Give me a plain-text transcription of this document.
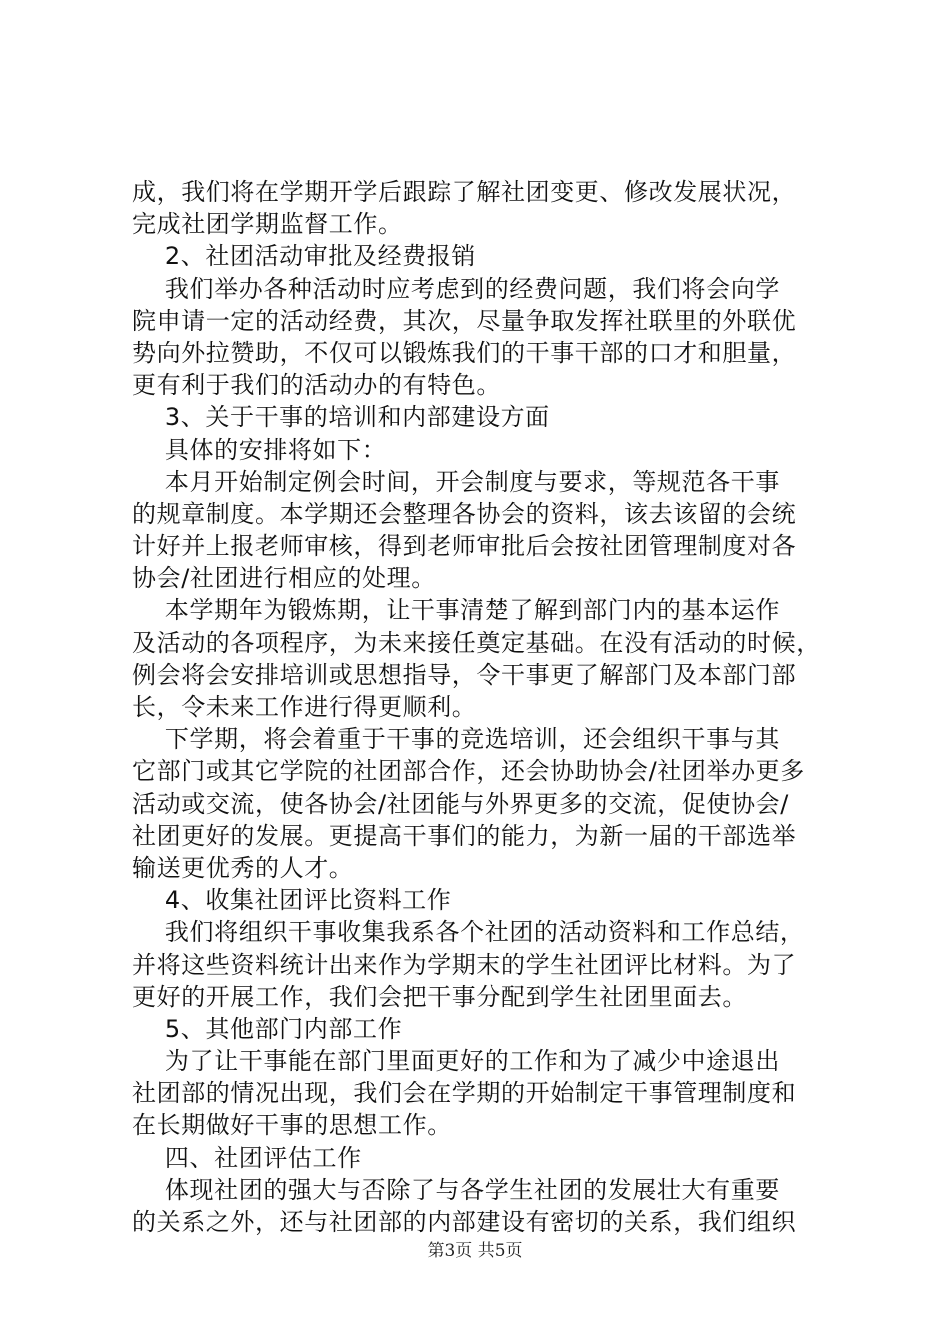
成，我们将在学期开学后跟踪了解社团变更、修改发展状况，
完成社团学期监督工作。
2、社团活动审批及经费报销
我们举办各种活动时应考虑到的经费问题，我们将会向学
院申请一定的活动经费，其次，尽量争取发挥社联里的外联优
势向外拉赞助，不仅可以锻炼我们的干事干部的口才和胆量，
更有利于我们的活动办的有特色。
3、关于干事的培训和内部建设方面
具体的安排将如下：
本月开始制定例会时间，开会制度与要求，等规范各干事
的规章制度。本学期还会整理各协会的资料，该去该留的会统
计好并上报老师审核，得到老师审批后会按社团管理制度对各
协会/社团进行相应的处理。
本学期年为锻炼期，让干事清楚了解到部门内的基本运作
及活动的各项程序，为未来接任奠定基础。在没有活动的时候，
例会将会安排培训或思想指导，令干事更了解部门及本部门部
长，令未来工作进行得更顺利。
下学期，将会着重于干事的竞选培训，还会组织干事与其
它部门或其它学院的社团部合作，还会协助协会/社团举办更多
活动或交流，使各协会/社团能与外界更多的交流，促使协会/
社团更好的发展。更提高干事们的能力，为新一届的干部选举
输送更优秀的人才。
4、收集社团评比资料工作
我们将组织干事收集我系各个社团的活动资料和工作总结，
并将这些资料统计出来作为学期末的学生社团评比材料。为了
更好的开展工作，我们会把干事分配到学生社团里面去。
5、其他部门内部工作
为了让干事能在部门里面更好的工作和为了减少中途退出
社团部的情况出现，我们会在学期的开始制定干事管理制度和
在长期做好干事的思想工作。
四、社团评估工作
体现社团的强大与否除了与各学生社团的发展壮大有重要
的关系之外，还与社团部的内部建设有密切的关系，我们组织
第3页 共5页
